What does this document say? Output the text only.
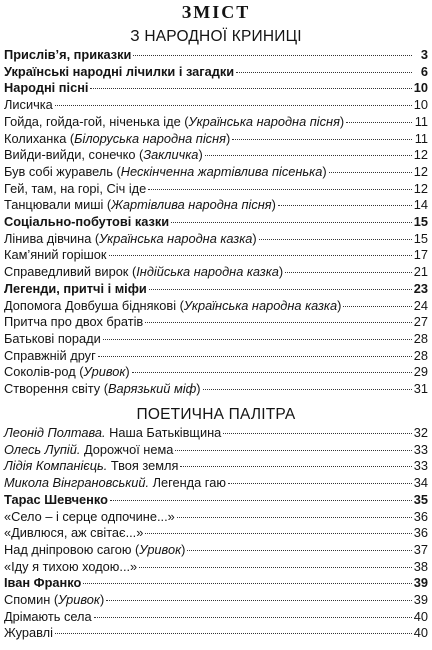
ЗМІСТ
З НАРОДНОЇ КРИНИЦІ
Прислів’я, приказки	3
Українські народні лічилки і загадки	6
Народні пісні	10
Лисичка	10
Гойда, гойда-гой, ніченька іде (Українська народна пісня)	11
Колиханка (Білоруська народна пісня)	11
Вийди-вийди, сонечко (Закличка)	12
Був собі журавель (Нескінченна жартівлива пісенька)	12
Гей, там, на горі, Січ іде	12
Танцювали миші (Жартівлива народна пісня)	14
Соціально-побутові казки	15
Лінива дівчина (Українська народна казка)	15
Кам’яний горішок	17
Справедливий вирок (Індійська народна казка)	21
Легенди, притчі і міфи	23
Допомога Довбуша біднякові (Українська народна казка)	24
Притча про двох братів	27
Батькові поради	28
Справжній друг	28
Соколів-род (Уривок)	29
Створення світу (Варязький міф)	31
ПОЕТИЧНА ПАЛІТРА
Леонід Полтава. Наша Батьківщина	32
Олесь Лупій. Дорожчої нема	33
Лідія Компанієць. Твоя земля	33
Микола Вінграновський. Легенда гаю	34
Тарас Шевченко	35
«Село – і серце одпочине...»	36
«Дивлюся, аж світає...»	36
Над дніпровою сагою (Уривок)	37
«Іду я тихою ходою...»	38
Іван Франко	39
Спомин (Уривок)	39
Дрімають села	40
Журавлі	40
